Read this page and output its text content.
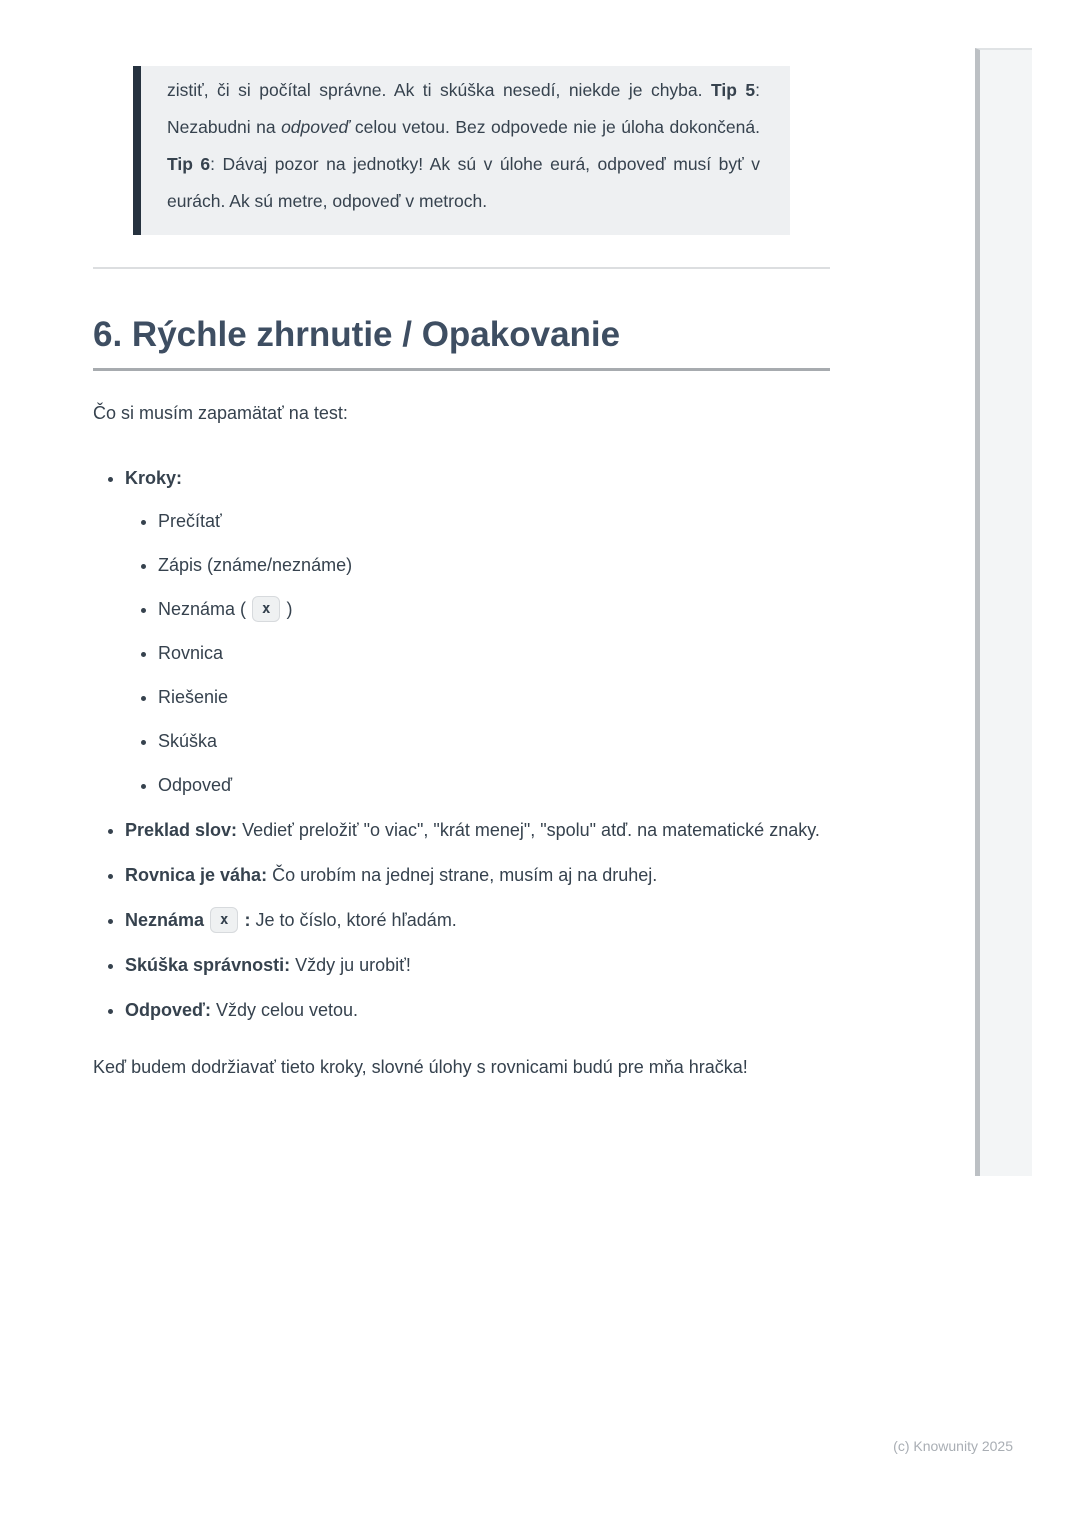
zistiť, či si počítal správne. Ak ti skúška nesedí, niekde je chyba. Tip 5: Nezabudni na odpoveď celou vetou. Bez odpovede nie je úloha dokončená. Tip 6: Dávaj pozor na jednotky! Ak sú v úlohe eurá, odpoveď musí byť v eurách. Ak sú metre, odpoveď v metroch.
6. Rýchle zhrnutie / Opakovanie

Čo si musím zapamätať na test:

• Kroky:
• Prečítať
• Zápis (známe/neznáme)
• Neznáma ( x )
• Rovnica
• Riešenie
• Skúška
• Odpoveď
• Preklad slov: Vedieť preložiť "o viac", "krát menej", "spolu" atď. na matematické znaky.
• Rovnica je váha: Čo urobím na jednej strane, musím aj na druhej.
• Neznáma x : Je to číslo, ktoré hľadám.
• Skúška správnosti: Vždy ju urobiť!
• Odpoveď: Vždy celou vetou.

Keď budem dodržiavať tieto kroky, slovné úlohy s rovnicami budú pre mňa hračka!

(c) Knowunity 2025
